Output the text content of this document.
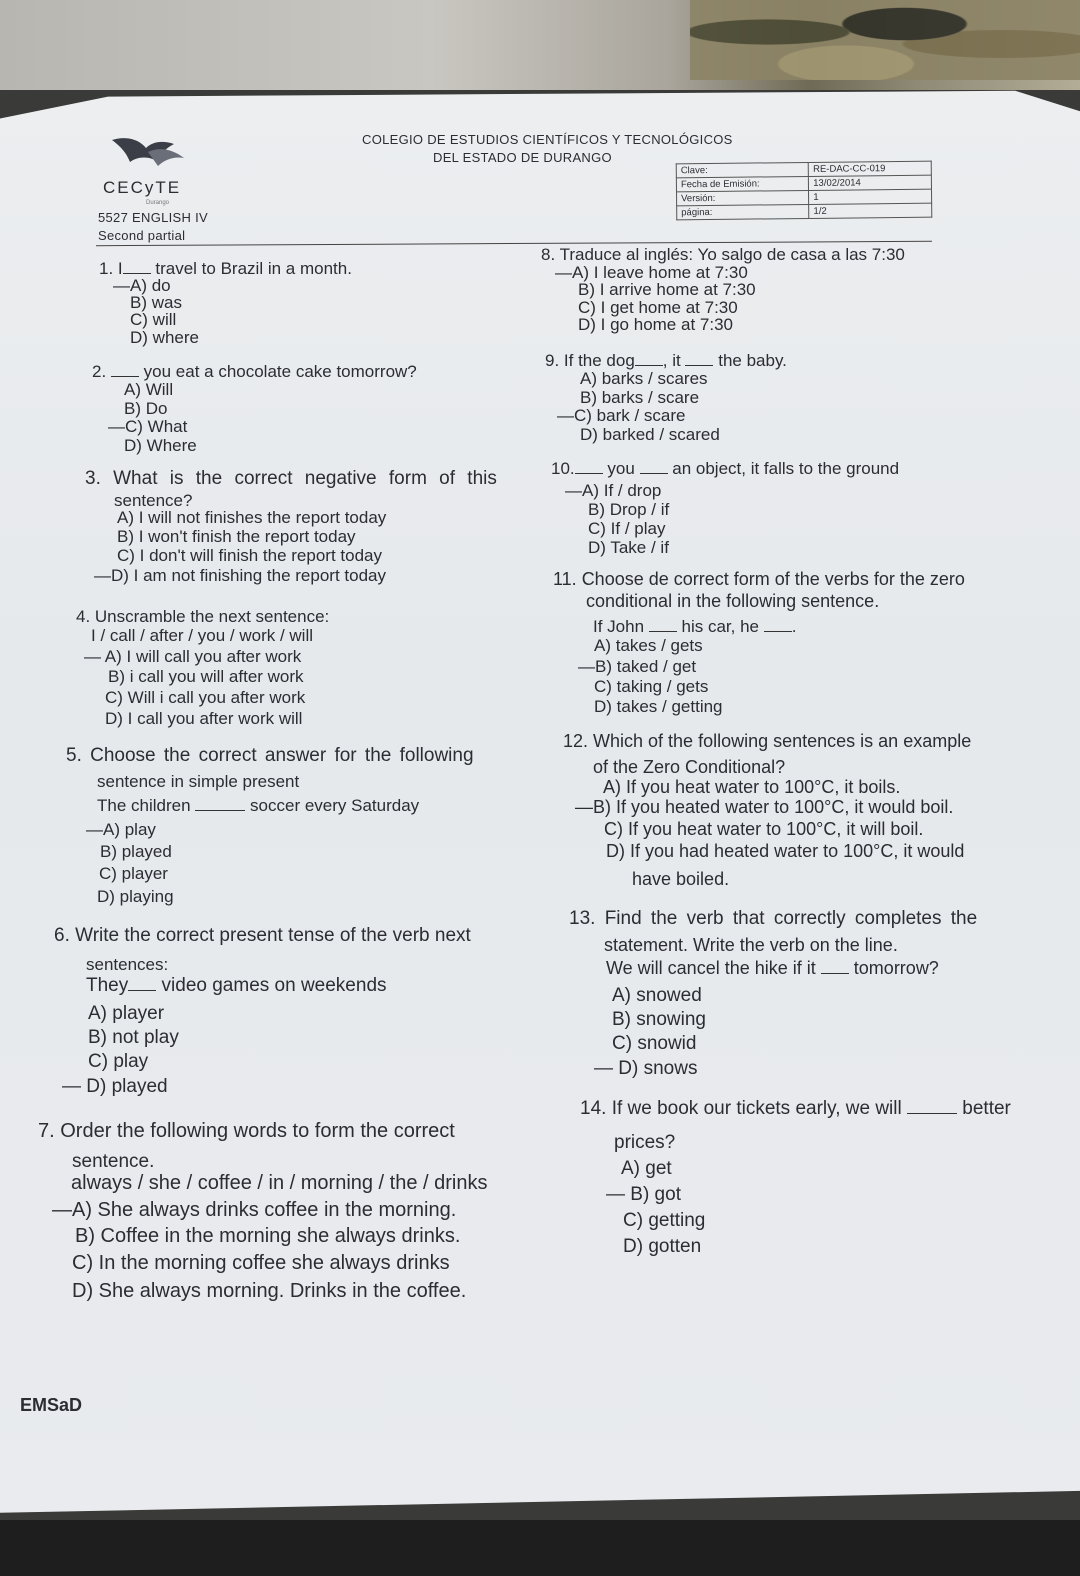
CECyTE
Durango
COLEGIO DE ESTUDIOS CIENTÍFICOS Y TECNOLÓGICOS
DEL ESTADO DE DURANGO
5527 ENGLISH IV
Second partial
Clave:	RE-DAC-CC-019
Fecha de Emisión:	13/02/2014
Versión:	1
página:	1/2
1. I travel to Brazil in a month.
—A) do
B) was
C) will
D) where
2. you eat a chocolate cake tomorrow?
A) Will
B) Do
—C) What
D) Where
3. What is the correct negative form of this
sentence?
A) I will not finishes the report today
B) I won't finish the report today
C) I don't will finish the report today
—D) I am not finishing the report today
4. Unscramble the next sentence:
I / call / after / you / work / will
— A) I will call you after work
B) i call you will after work
C) Will i call you after work
D) I call you after work will
5. Choose the correct answer for the following
sentence in simple present
The children	soccer every Saturday
—A) play
B) played
C) player
D) playing
6. Write the correct present tense of the verb next
sentences:
They video games on weekends
A) player
B) not play
C) play
— D) played
7. Order the following words to form the correct
sentence.
always / she / coffee / in / morning / the / drinks
—A) She always drinks coffee in the morning.
B) Coffee in the morning she always drinks.
C) In the morning coffee she always drinks
D) She always morning. Drinks in the coffee.
8. Traduce al inglés: Yo salgo de casa a las 7:30
—A) I leave home at 7:30
B) I arrive home at 7:30
C) I get home at 7:30
D) I go home at 7:30
9. If the dog , it the baby.
A) barks / scares
B) barks / scare
—C) bark / scare
D) barked / scared
10. you an object, it falls to the ground
—A) If / drop
B) Drop / if
C) If / play
D) Take / if
11. Choose de correct form of the verbs for the zero
conditional in the following sentence.
If John his car, he .
A) takes / gets
—B) taked / get
C) taking / gets
D) takes / getting
12. Which of the following sentences is an example
of the Zero Conditional?
A) If you heat water to 100°C, it boils.
—B) If you heated water to 100°C, it would boil.
C) If you heat water to 100°C, it will boil.
D) If you had heated water to 100°C, it would
have boiled.
13. Find the verb that correctly completes the
statement. Write the verb on the line.
We will cancel the hike if it tomorrow?
A) snowed
B) snowing
C) snowid
— D) snows
14. If we book our tickets early, we will	better
prices?
A) get
— B) got
C) getting
D) gotten
EMSaD
